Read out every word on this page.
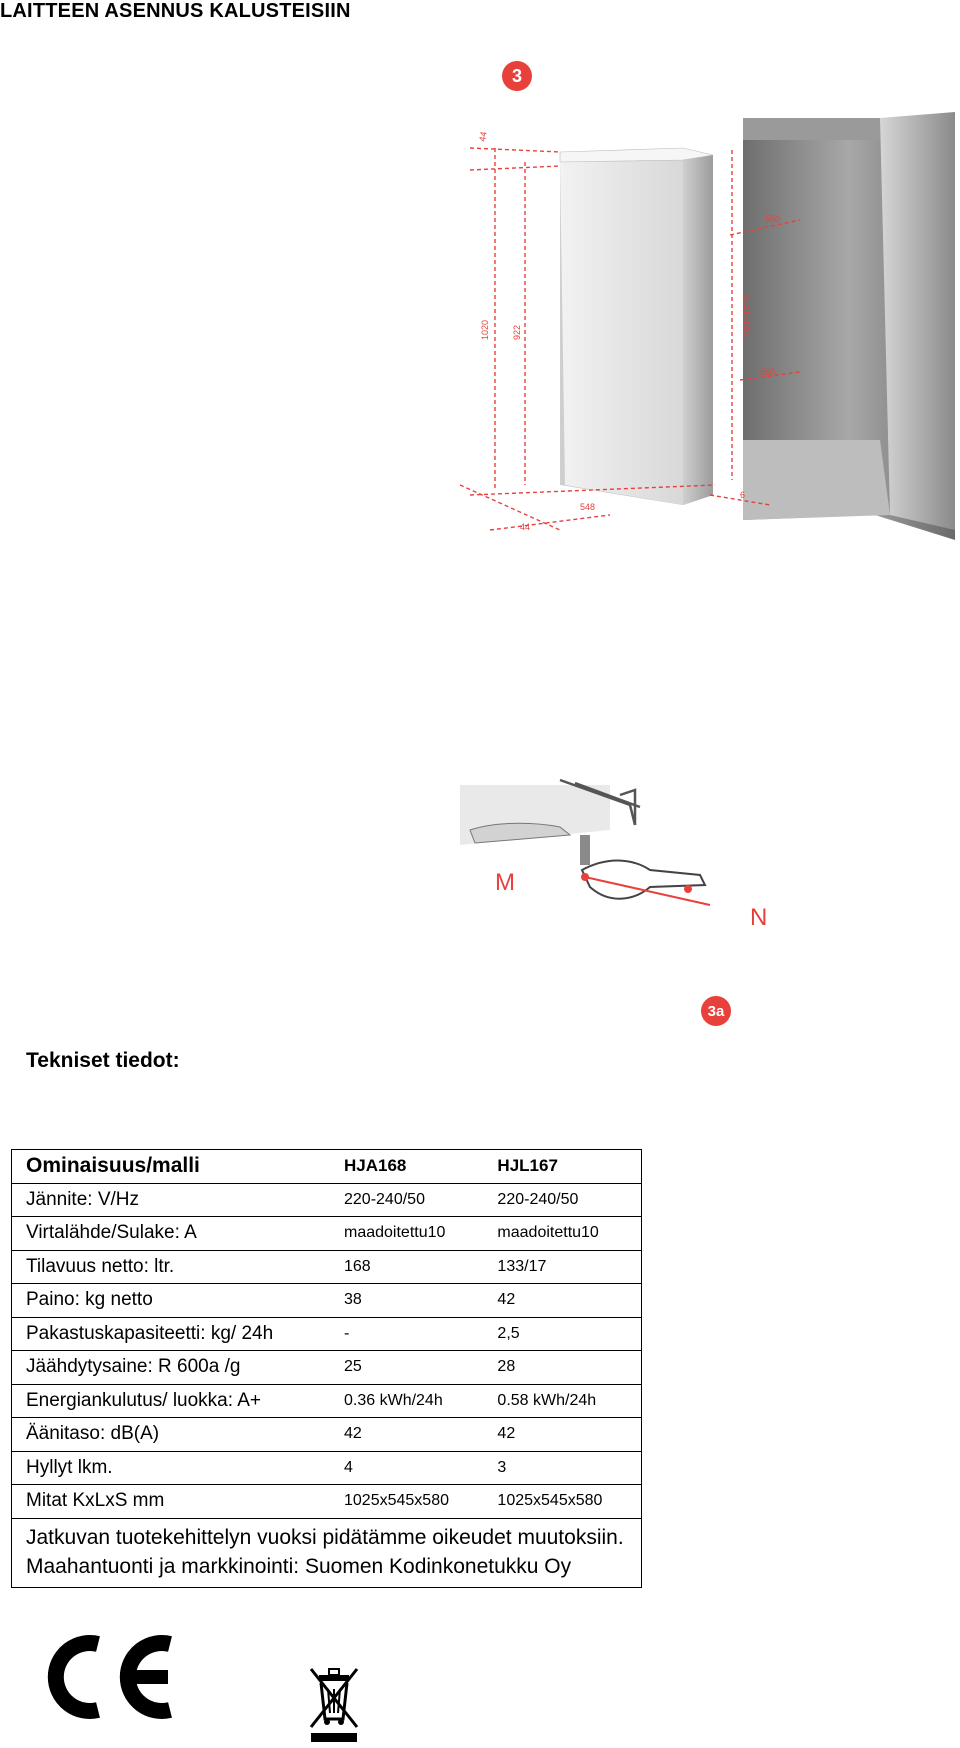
LAITTEEN ASENNUS KALUSTEISIIN
3
44
1020 922	1021÷1023
550
560
548
44
6
M
N
3a
Tekniset tiedot:
Ominaisuus/malli	HJA168	HJL167
Jännite: V/Hz	220-240/50	220-240/50
Virtalähde/Sulake: A	maadoitettu10	maadoitettu10
Tilavuus netto: ltr.	168	133/17
Paino: kg netto	38	42
Pakastuskapasiteetti: kg/ 24h	-	2,5
Jäähdytysaine: R 600a /g	25	28
Energiankulutus/ luokka: A+	0.36 kWh/24h	0.58 kWh/24h
Äänitaso: dB(A)	42	42
Hyllyt lkm.	4	3
Mitat KxLxS mm	1025x545x580	1025x545x580
Jatkuvan tuotekehittelyn vuoksi pidätämme oikeudet muutoksiin. Maahantuonti ja markkinointi: Suomen Kodinkonetukku Oy		
